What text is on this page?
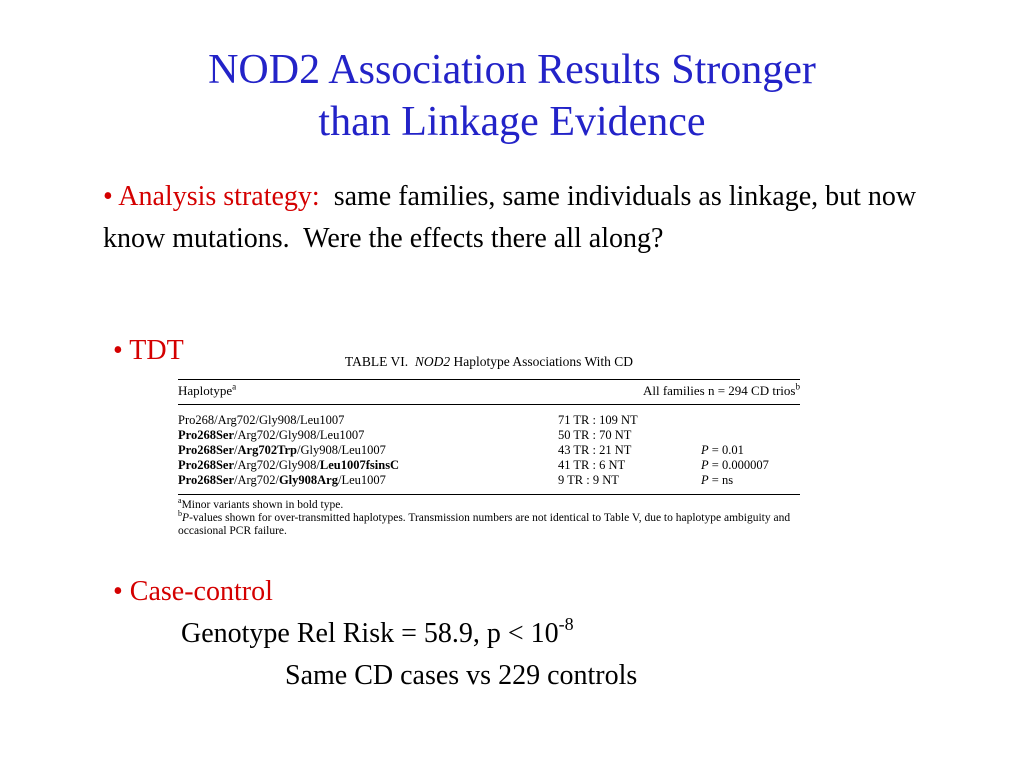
NOD2 Association Results Stronger
than Linkage Evidence
• Analysis strategy:  same families, same individuals as linkage, but now know mutations.  Were the effects there all along?
• TDT	TABLE VI.  NOD2 Haplotype Associations With CD
Haplotype$^a$	All families n = 294 CD trios$^b$
Pro268/Arg702/Gly908/Leu1007	71 TR : 109 NT
Pro268Ser/Arg702/Gly908/Leu1007	50 TR : 70 NT
Pro268Ser/Arg702Trp/Gly908/Leu1007	43 TR : 21 NT	P = 0.01
Pro268Ser/Arg702/Gly908/Leu1007fsinsC	41 TR : 6 NT	P = 0.000007
Pro268Ser/Arg702/Gly908Arg/Leu1007	9 TR : 9 NT	P = ns
$^a$Minor variants shown in bold type.
$^b$P-values shown for over-transmitted haplotypes. Transmission numbers are not identical to Table V, due to haplotype ambiguity and occasional PCR failure.
• Case-control
Genotype Rel Risk = 58.9, $p < 10^{-8}$
Same CD cases vs 229 controls
